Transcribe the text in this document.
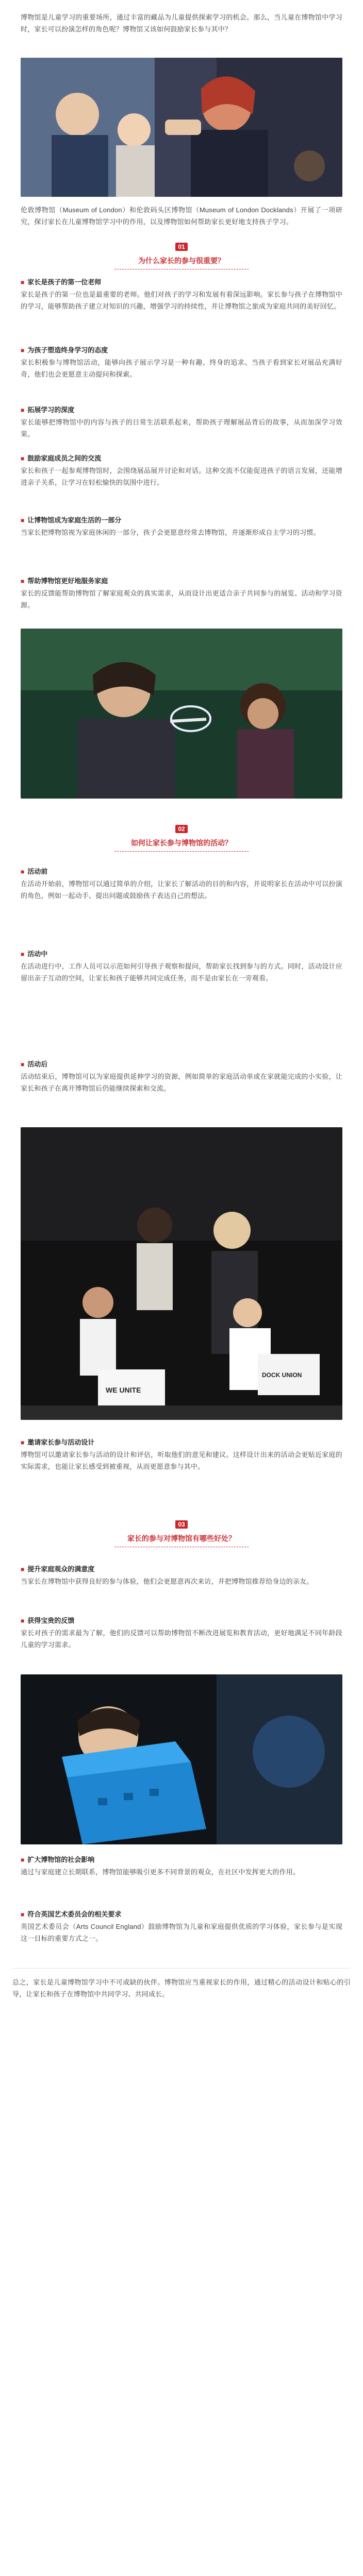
博物馆是儿童学习的重要场所，通过丰富的藏品为儿童提供探索学习的机会。那么，当儿童在博物馆中学习时，家长可以扮演怎样的角色呢？博物馆又该如何鼓励家长参与其中？

伦敦博物馆（Museum of London）和伦敦码头区博物馆（Museum of London Docklands）开展了一项研究，探讨家长在儿童博物馆学习中的作用，以及博物馆如何帮助家长更好地支持孩子学习。

01
为什么家长的参与很重要？
■ 家长是孩子的第一位老师

家长是孩子的第一位也是最重要的老师。他们对孩子的学习和发展有着深远影响。家长参与孩子在博物馆中的学习，能够帮助孩子建立对知识的兴趣，增强学习的持续性，并让博物馆之旅成为家庭共同的美好回忆。

■ 为孩子塑造终身学习的态度

家长积极参与博物馆活动，能够向孩子展示学习是一种有趣、终身的追求。当孩子看到家长对展品充满好奇，他们也会更愿意主动提问和探索。

■ 拓展学习的深度

家长能够把博物馆中的内容与孩子的日常生活联系起来，帮助孩子理解展品背后的故事，从而加深学习效果。

■ 鼓励家庭成员之间的交流

家长和孩子一起参观博物馆时，会围绕展品展开讨论和对话。这种交流不仅能促进孩子的语言发展，还能增进亲子关系，让学习在轻松愉快的氛围中进行。

■ 让博物馆成为家庭生活的一部分

当家长把博物馆视为家庭休闲的一部分，孩子会更愿意经常去博物馆，并逐渐形成自主学习的习惯。

■ 帮助博物馆更好地服务家庭

家长的反馈能帮助博物馆了解家庭观众的真实需求，从而设计出更适合亲子共同参与的展览、活动和学习资源。

02
如何让家长参与博物馆的活动？
■ 活动前

在活动开始前，博物馆可以通过简单的介绍，让家长了解活动的目的和内容，并说明家长在活动中可以扮演的角色，例如一起动手、提出问题或鼓励孩子表达自己的想法。

■ 活动中

在活动进行中，工作人员可以示范如何引导孩子观察和提问，帮助家长找到参与的方式。同时，活动设计应留出亲子互动的空间，让家长和孩子能够共同完成任务，而不是由家长在一旁观看。

■ 活动后

活动结束后，博物馆可以为家庭提供延伸学习的资源，例如简单的家庭活动单或在家就能完成的小实验，让家长和孩子在离开博物馆后仍能继续探索和交流。

WE UNITE
DOCK UNION
■ 邀请家长参与活动设计

博物馆可以邀请家长参与活动的设计和评估，听取他们的意见和建议。这样设计出来的活动会更贴近家庭的实际需求，也能让家长感受到被重视，从而更愿意参与其中。

03
家长的参与对博物馆有哪些好处？
■ 提升家庭观众的满意度

当家长在博物馆中获得良好的参与体验，他们会更愿意再次来访，并把博物馆推荐给身边的亲友。

■ 获得宝贵的反馈

家长对孩子的需求最为了解，他们的反馈可以帮助博物馆不断改进展览和教育活动，更好地满足不同年龄段儿童的学习需求。

■ 扩大博物馆的社会影响

通过与家庭建立长期联系，博物馆能够吸引更多不同背景的观众，在社区中发挥更大的作用。

■ 符合英国艺术委员会的相关要求

英国艺术委员会（Arts Council England）鼓励博物馆为儿童和家庭提供优质的学习体验，家长参与是实现这一目标的重要方式之一。

总之，家长是儿童博物馆学习中不可或缺的伙伴。博物馆应当重视家长的作用，通过精心的活动设计和贴心的引导，让家长和孩子在博物馆中共同学习、共同成长。
